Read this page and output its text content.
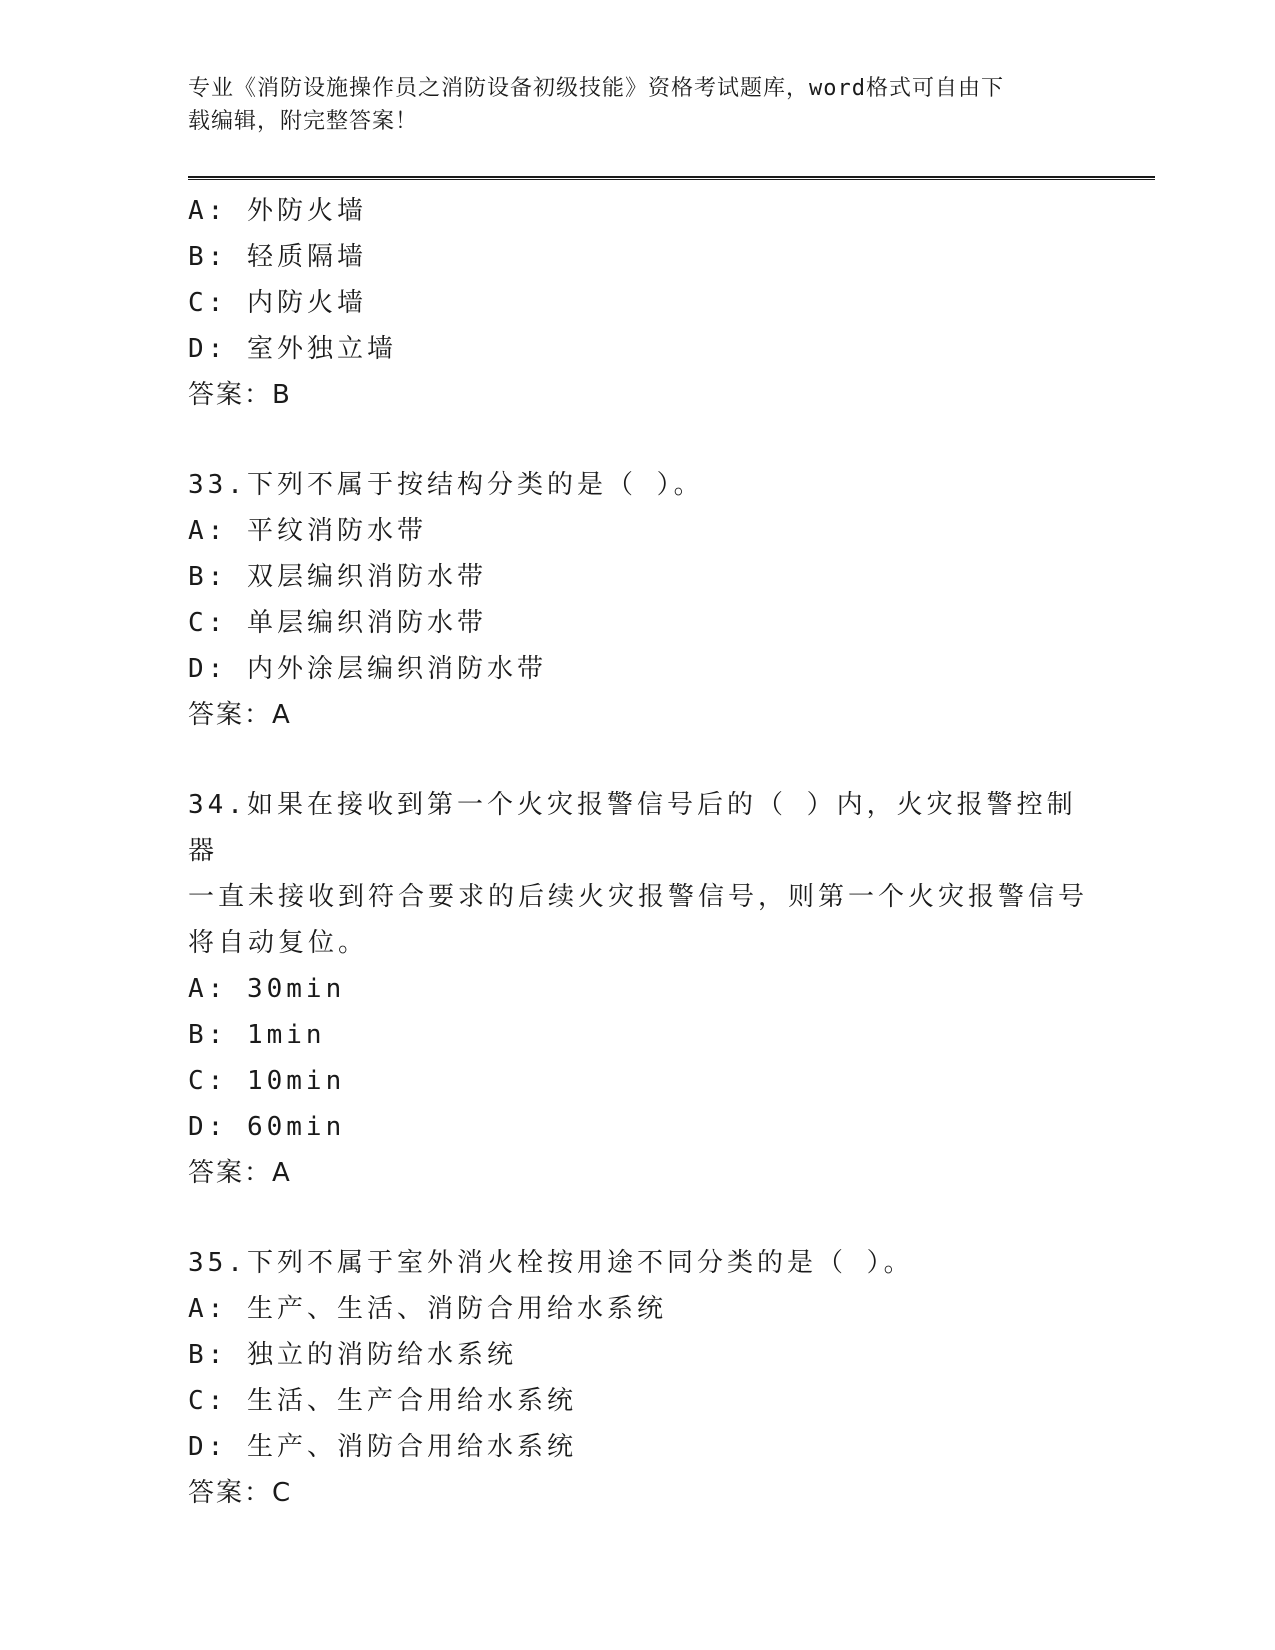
专业《消防设施操作员之消防设备初级技能》资格考试题库，word格式可自由下
载编辑，附完整答案！
A: 外防火墙
B: 轻质隔墙
C: 内防火墙
D: 室外独立墙
答案：B
33.下列不属于按结构分类的是（ ）。
A: 平纹消防水带
B: 双层编织消防水带
C: 单层编织消防水带
D: 内外涂层编织消防水带
答案：A
34.如果在接收到第一个火灾报警信号后的（ ）内，火灾报警控制器
一直未接收到符合要求的后续火灾报警信号，则第一个火灾报警信号
将自动复位。
A: 30min
B: 1min
C: 10min
D: 60min
答案：A
35.下列不属于室外消火栓按用途不同分类的是（ ）。
A: 生产、生活、消防合用给水系统
B: 独立的消防给水系统
C: 生活、生产合用给水系统
D: 生产、消防合用给水系统
答案：C
